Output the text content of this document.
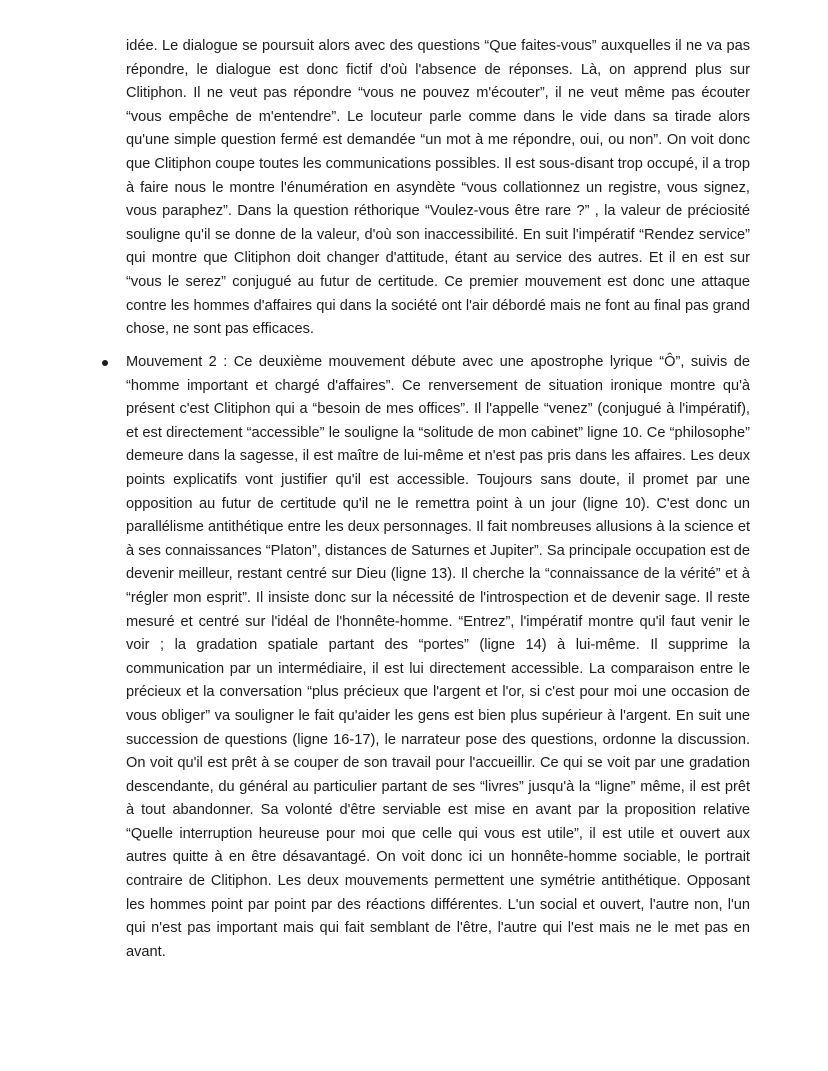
idée. Le dialogue se poursuit alors avec des questions “Que faites-vous” auxquelles il ne va pas répondre, le dialogue est donc fictif d'où l'absence de réponses. Là, on apprend plus sur Clitiphon. Il ne veut pas répondre “vous ne pouvez m'écouter”, il ne veut même pas écouter “vous empêche de m'entendre”. Le locuteur parle comme dans le vide dans sa tirade alors qu'une simple question fermé est demandée “un mot à me répondre, oui, ou non”. On voit donc que Clitiphon coupe toutes les communications possibles. Il est sous-disant trop occupé, il a trop à faire nous le montre l'énumération en asyndète “vous collationnez un registre, vous signez, vous paraphez”. Dans la question réthorique “Voulez-vous être rare ?” , la valeur de préciosité souligne qu'il se donne de la valeur, d'où son inaccessibilité. En suit l'impératif “Rendez service” qui montre que Clitiphon doit changer d'attitude, étant au service des autres. Et il en est sur “vous le serez” conjugué au futur de certitude. Ce premier mouvement est donc une attaque contre les hommes d'affaires qui dans la société ont l'air débordé mais ne font au final pas grand chose, ne sont pas efficaces.

Mouvement 2 : Ce deuxième mouvement débute avec une apostrophe lyrique “Ô”, suivis de “homme important et chargé d'affaires”. Ce renversement de situation ironique montre qu'à présent c'est Clitiphon qui a “besoin de mes offices”. Il l'appelle “venez” (conjugué à l'impératif), et est directement “accessible” le souligne la “solitude de mon cabinet” ligne 10. Ce “philosophe” demeure dans la sagesse, il est maître de lui-même et n'est pas pris dans les affaires. Les deux points explicatifs vont justifier qu'il est accessible. Toujours sans doute, il promet par une opposition au futur de certitude qu'il ne le remettra point à un jour (ligne 10). C'est donc un parallélisme antithétique entre les deux personnages. Il fait nombreuses allusions à la science et à ses connaissances “Platon”, distances de Saturnes et Jupiter”. Sa principale occupation est de devenir meilleur, restant centré sur Dieu (ligne 13). Il cherche la “connaissance de la vérité” et à “régler mon esprit”. Il insiste donc sur la nécessité de l'introspection et de devenir sage. Il reste mesuré et centré sur l'idéal de l'honnête-homme. “Entrez”, l'impératif montre qu'il faut venir le voir ; la gradation spatiale partant des “portes” (ligne 14) à lui-même. Il supprime la communication par un intermédiaire, il est lui directement accessible. La comparaison entre le précieux et la conversation “plus précieux que l'argent et l'or, si c'est pour moi une occasion de vous obliger” va souligner le fait qu'aider les gens est bien plus supérieur à l'argent. En suit une succession de questions (ligne 16-17), le narrateur pose des questions, ordonne la discussion. On voit qu'il est prêt à se couper de son travail pour l'accueillir. Ce qui se voit par une gradation descendante, du général au particulier partant de ses “livres” jusqu'à la “ligne” même, il est prêt à tout abandonner. Sa volonté d'être serviable est mise en avant par la proposition relative “Quelle interruption heureuse pour moi que celle qui vous est utile”, il est utile et ouvert aux autres quitte à en être désavantagé. On voit donc ici un honnête-homme sociable, le portrait contraire de Clitiphon. Les deux mouvements permettent une symétrie antithétique. Opposant les hommes point par point par des réactions différentes. L'un social et ouvert, l'autre non, l'un qui n'est pas important mais qui fait semblant de l'être, l'autre qui l'est mais ne le met pas en avant.
